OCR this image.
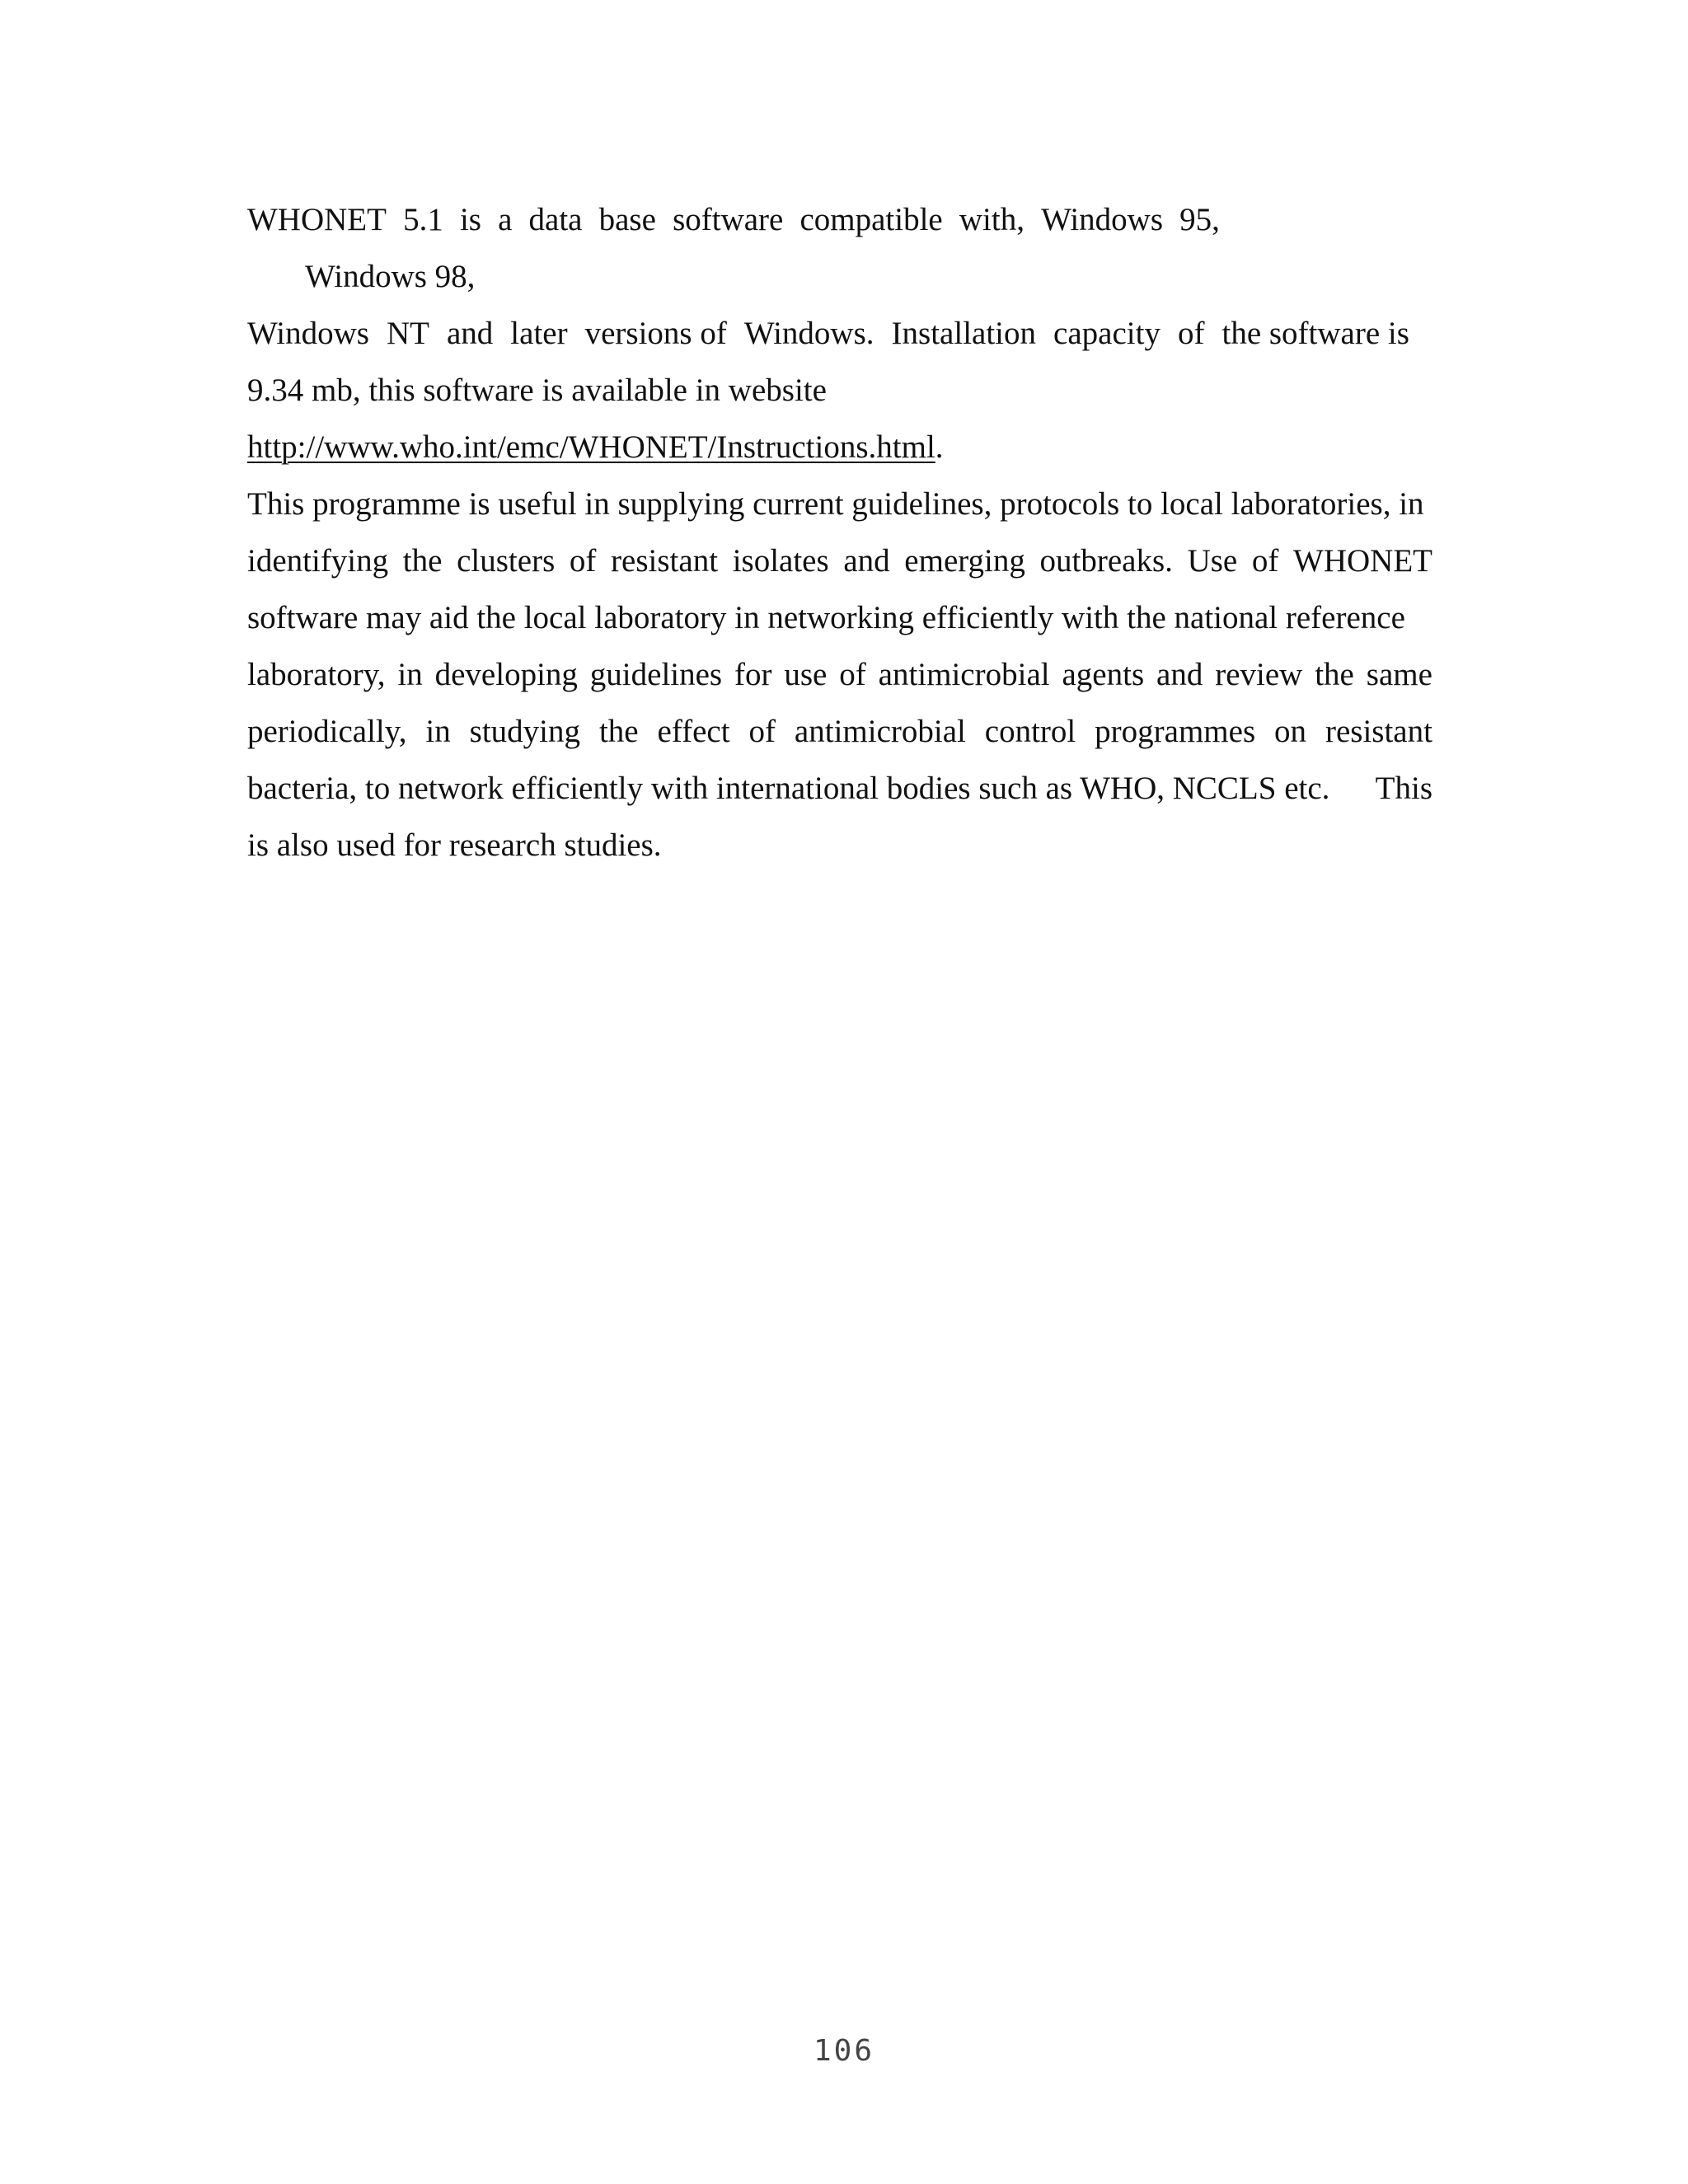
WHONET 5.1 is a data base software compatible with, Windows 95,
Windows 98,
Windows NT and later versions of Windows. Installation capacity of the software is
9.34 mb, this software is available in website
http://www.who.int/emc/WHONET/Instructions.html.
This programme is useful in supplying current guidelines, protocols to local laboratories, in
identifying the clusters of resistant isolates and emerging outbreaks. Use of WHONET
software may aid the local laboratory in networking efficiently with the national reference
laboratory, in developing guidelines for use of antimicrobial agents and review the same
periodically, in studying the effect of antimicrobial control programmes on resistant
bacteria, to network efficiently with international bodies such as WHO, NCCLS etc. This
is also used for research studies.
106
